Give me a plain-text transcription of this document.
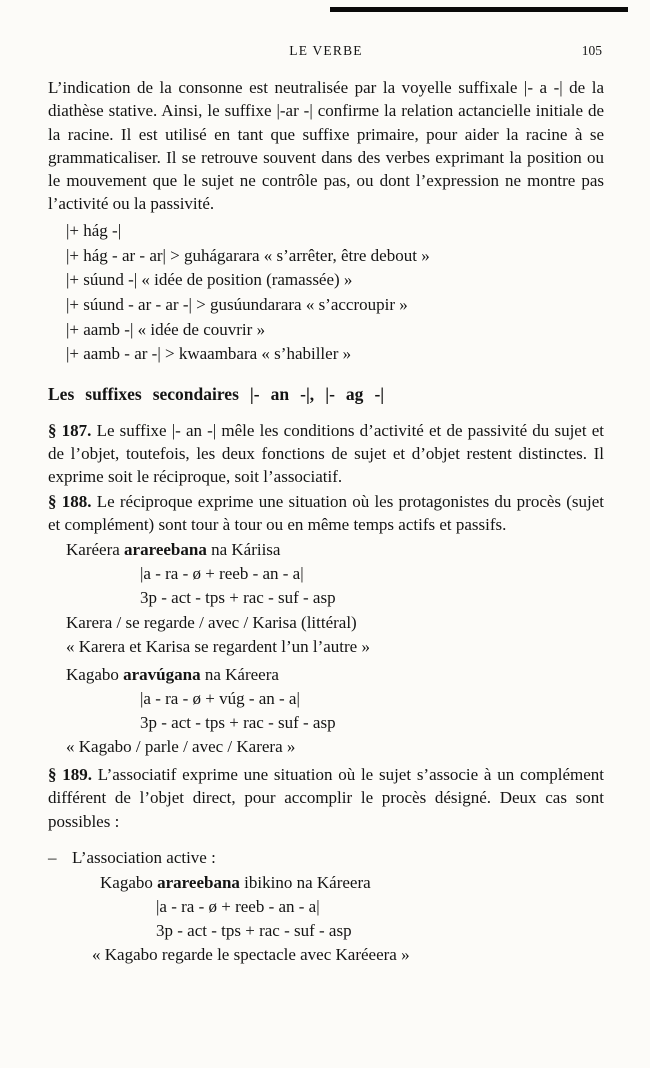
LE VERBE	105

L’indication de la consonne est neutralisée par la voyelle suffixale |- a -| de la diathèse stative. Ainsi, le suffixe |-ar -| confirme la relation actancielle initiale de la racine. Il est utilisé en tant que suffixe primaire, pour aider la racine à se grammaticaliser. Il se retrouve souvent dans des verbes exprimant la position ou le mouvement que le sujet ne contrôle pas, ou dont l’expression ne montre pas l’activité ou la passivité.

|+ hág -|
|+ hág - ar - ar| > guhágarara « s’arrêter, être debout »
|+ súund -| « idée de position (ramassée) »
|+ súund - ar - ar -| > gusúundarara « s’accroupir »
|+ aamb -| « idée de couvrir »
|+ aamb - ar -| > kwaambara « s’habiller »
Les suffixes secondaires |- an -|, |- ag -|

§ 187. Le suffixe |- an -| mêle les conditions d’activité et de passivité du sujet et de l’objet, toutefois, les deux fonctions de sujet et d’objet restent distinctes. Il exprime soit le réciproque, soit l’associatif.

§ 188. Le réciproque exprime une situation où les protagonistes du procès (sujet et complément) sont tour à tour ou en même temps actifs et passifs.

Karéera arareebana na Káriisa
|a - ra - ø + reeb - an - a|
3p - act - tps + rac - suf - asp
Karera / se regarde / avec / Karisa (littéral)
« Karera et Karisa se regardent l’un l’autre »
Kagabo aravúgana na Káreera
|a - ra - ø + vúg - an - a|
3p - act - tps + rac - suf - asp
« Kagabo / parle / avec / Karera »

§ 189. L’associatif exprime une situation où le sujet s’associe à un complément différent de l’objet direct, pour accomplir le procès désigné. Deux cas sont possibles :

– L’association active :
Kagabo arareebana ibikino na Káreera
|a - ra - ø + reeb - an - a|
3p - act - tps + rac - suf - asp
« Kagabo regarde le spectacle avec Karéeera »
